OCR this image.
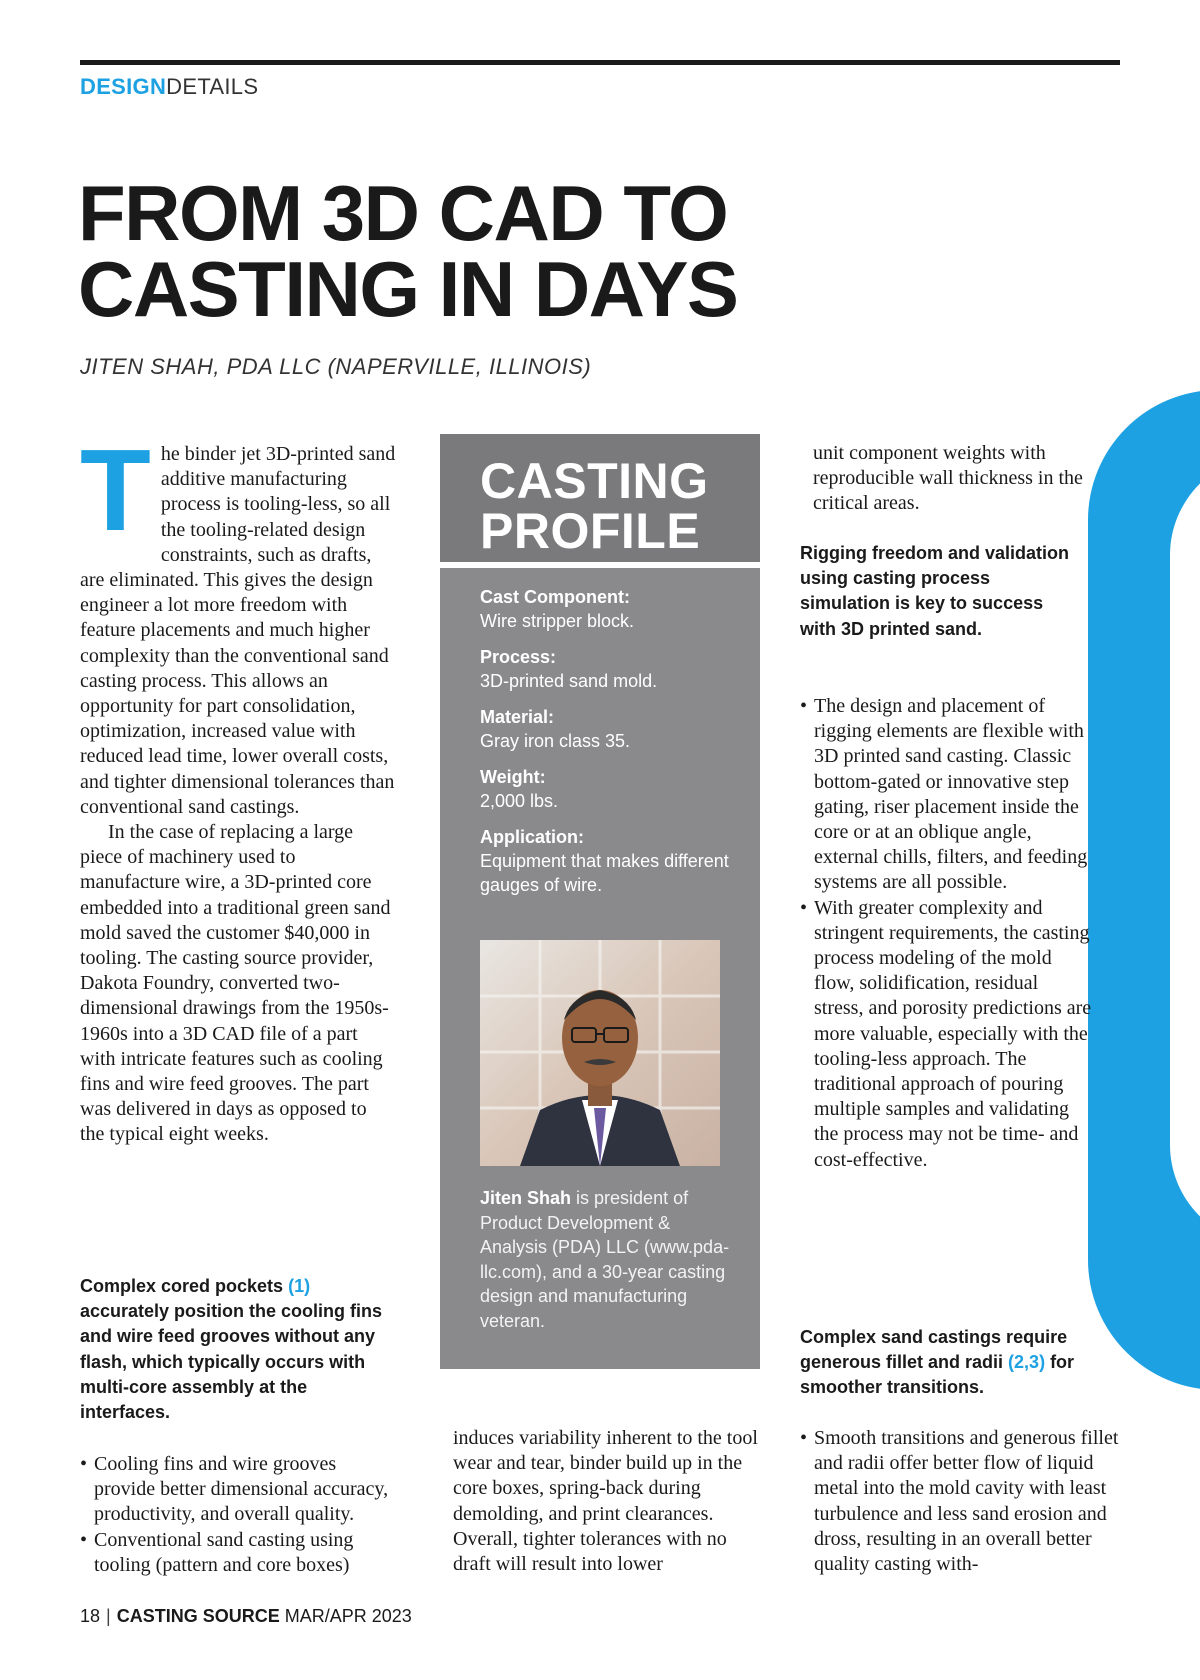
DESIGNDETAILS
FROM 3D CAD TO
CASTING IN DAYS
JITEN SHAH, PDA LLC (NAPERVILLE, ILLINOIS)

The binder jet 3D-printed sand additive manufacturing process is tooling-less, so all the tooling-related design constraints, such as drafts, are eliminated. This gives the design engineer a lot more freedom with feature placements and much higher complexity than the conventional sand casting process. This allows an opportunity for part consolidation, optimization, increased value with reduced lead time, lower overall costs, and tighter dimensional tolerances than conventional sand castings.

In the case of replacing a large piece of machinery used to manufacture wire, a 3D-printed core embedded into a traditional green sand mold saved the customer $40,000 in tooling. The casting source provider, Dakota Foundry, converted two-dimensional drawings from the 1950s-1960s into a 3D CAD file of a part with intricate features such as cooling fins and wire feed grooves. The part was delivered in days as opposed to the typical eight weeks.

Complex cored pockets (1) accurately position the cooling fins and wire feed grooves without any flash, which typically occurs with multi-core assembly at the interfaces.
• Cooling fins and wire grooves provide better dimensional accuracy, productivity, and overall quality.
• Conventional sand casting using tooling (pattern and core boxes)
CASTING
PROFILE
Cast Component:
Wire stripper block.
Process:
3D-printed sand mold.
Material:
Gray iron class 35.
Weight:
2,000 lbs.
Application:
Equipment that makes different gauges of wire.
Jiten Shah is president of Product Development & Analysis (PDA) LLC (www.pda-llc.com), and a 30-year casting design and manufacturing veteran.

induces variability inherent to the tool wear and tear, binder build up in the core boxes, spring-back during demolding, and print clearances. Overall, tighter tolerances with no draft will result into lower

unit component weights with reproducible wall thickness in the critical areas.

Rigging freedom and validation using casting process simulation is key to success with 3D printed sand.
• The design and placement of rigging elements are flexible with 3D printed sand casting. Classic bottom-gated or innovative step gating, riser placement inside the core or at an oblique angle, external chills, filters, and feeding systems are all possible.
• With greater complexity and stringent requirements, the casting process modeling of the mold flow, solidification, residual stress, and porosity predictions are more valuable, especially with the tooling-less approach. The traditional approach of pouring multiple samples and validating the process may not be time- and cost-effective.
Complex sand castings require generous fillet and radii (2,3) for smoother transitions.
• Smooth transitions and generous fillet and radii offer better flow of liquid metal into the mold cavity with least turbulence and less sand erosion and dross, resulting in an overall better quality casting with-
18 | CASTING SOURCE MAR/APR 2023
